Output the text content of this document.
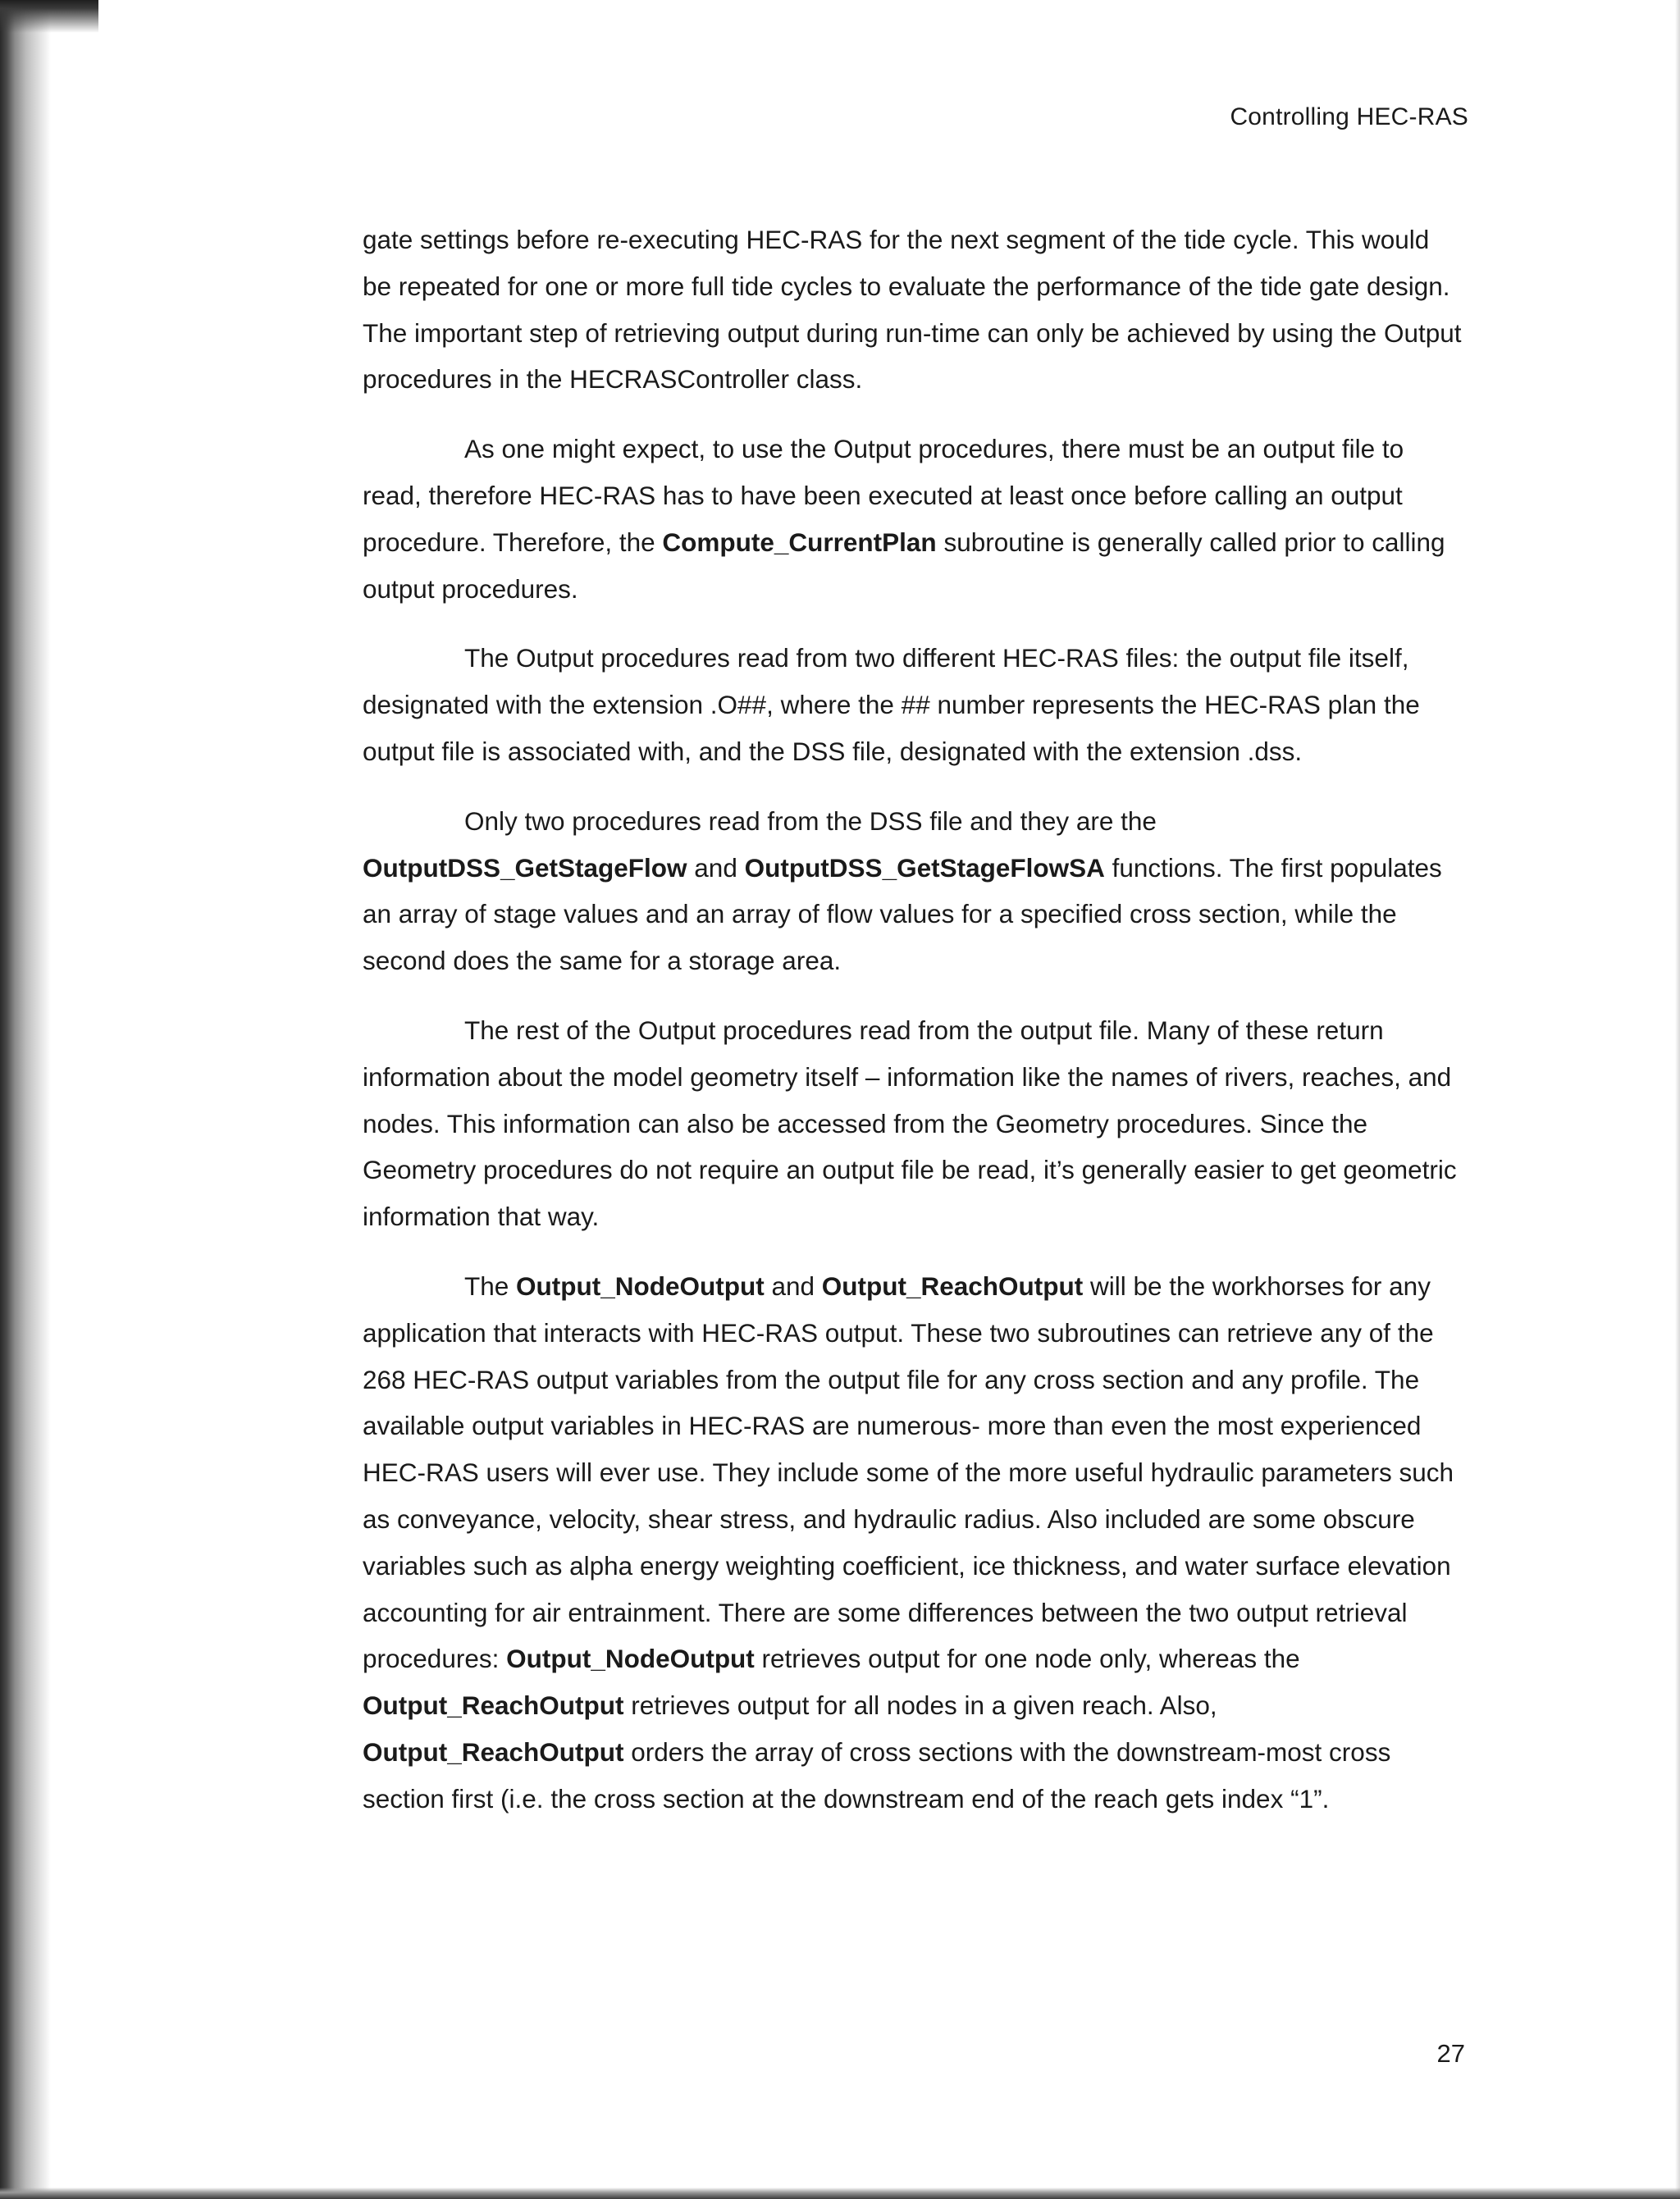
Controlling HEC-RAS

gate settings before re-executing HEC-RAS for the next segment of the tide cycle. This would be repeated for one or more full tide cycles to evaluate the performance of the tide gate design. The important step of retrieving output during run-time can only be achieved by using the Output procedures in the HECRASController class.

As one might expect, to use the Output procedures, there must be an output file to read, therefore HEC-RAS has to have been executed at least once before calling an output procedure. Therefore, the Compute_CurrentPlan subroutine is generally called prior to calling output procedures.

The Output procedures read from two different HEC-RAS files: the output file itself, designated with the extension .O##, where the ## number represents the HEC-RAS plan the output file is associated with, and the DSS file, designated with the extension .dss.

Only two procedures read from the DSS file and they are the OutputDSS_GetStageFlow and OutputDSS_GetStageFlowSA functions. The first populates an array of stage values and an array of flow values for a specified cross section, while the second does the same for a storage area.

The rest of the Output procedures read from the output file. Many of these return information about the model geometry itself – information like the names of rivers, reaches, and nodes. This information can also be accessed from the Geometry procedures. Since the Geometry procedures do not require an output file be read, it’s generally easier to get geometric information that way.

The Output_NodeOutput and Output_ReachOutput will be the workhorses for any application that interacts with HEC-RAS output. These two subroutines can retrieve any of the 268 HEC-RAS output variables from the output file for any cross section and any profile. The available output variables in HEC-RAS are numerous- more than even the most experienced HEC-RAS users will ever use. They include some of the more useful hydraulic parameters such as conveyance, velocity, shear stress, and hydraulic radius. Also included are some obscure variables such as alpha energy weighting coefficient, ice thickness, and water surface elevation accounting for air entrainment. There are some differences between the two output retrieval procedures: Output_NodeOutput retrieves output for one node only, whereas the Output_ReachOutput retrieves output for all nodes in a given reach. Also, Output_ReachOutput orders the array of cross sections with the downstream-most cross section first (i.e. the cross section at the downstream end of the reach gets index “1”.

27
